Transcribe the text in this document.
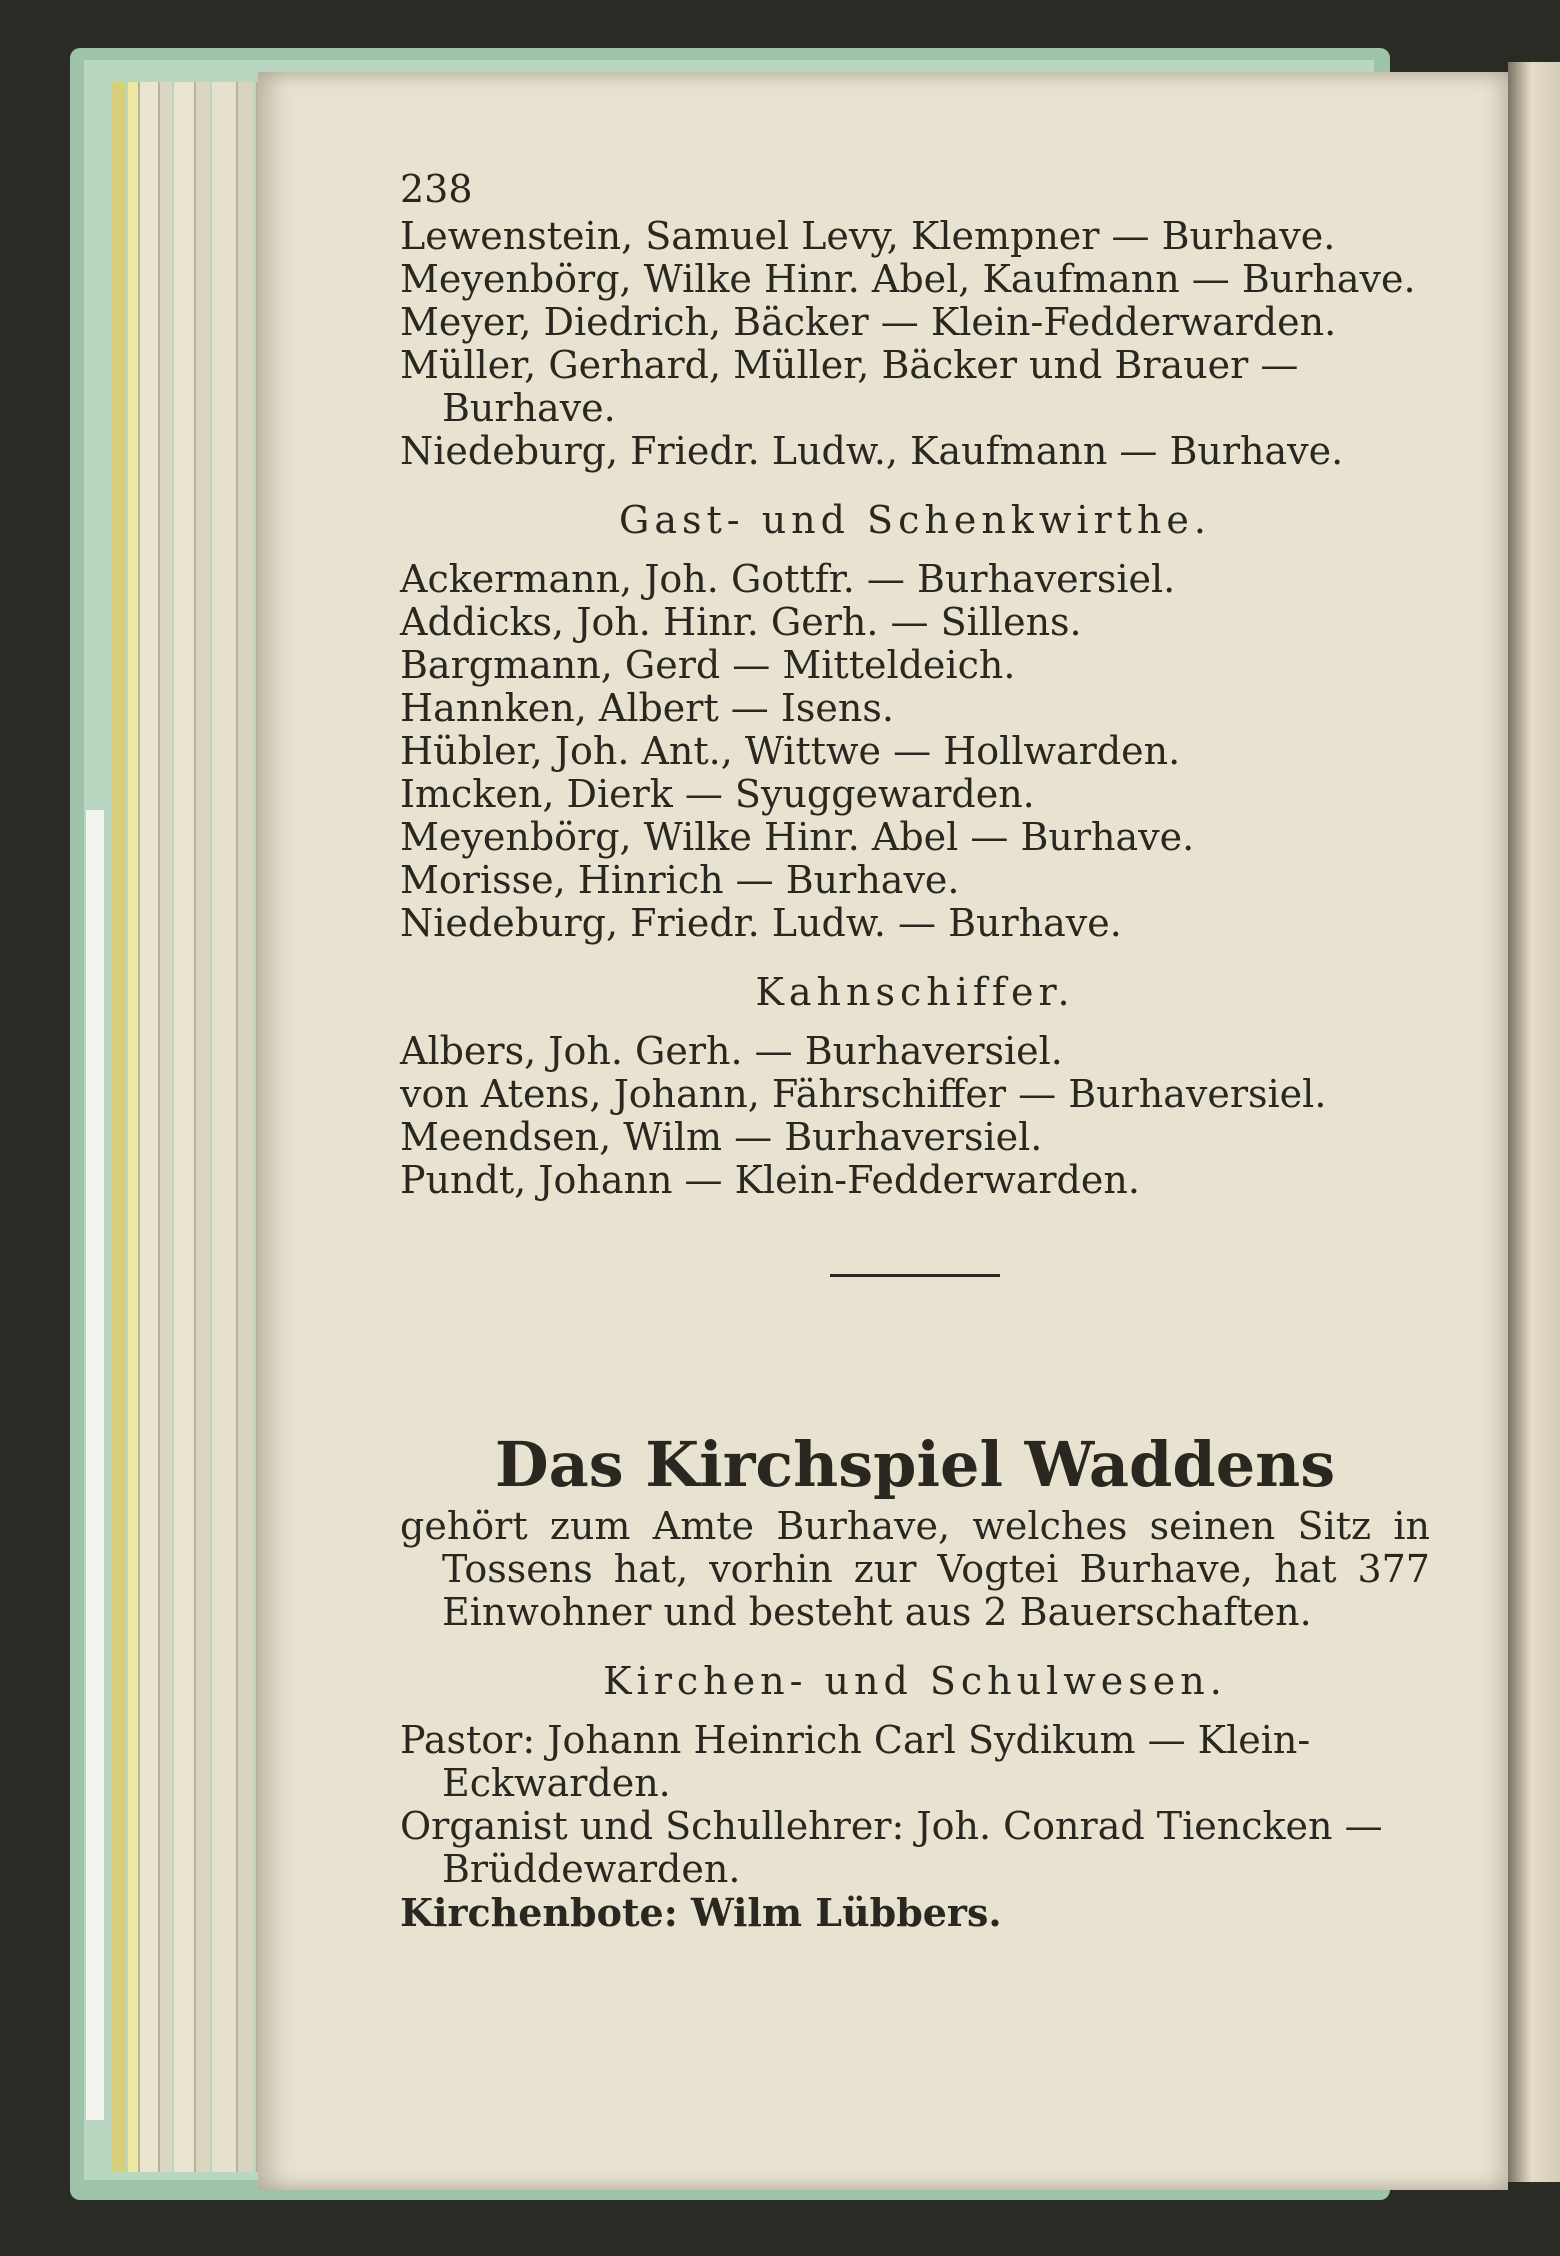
238
Lewenstein, Samuel Levy, Klempner — Burhave.
Meyenbörg, Wilke Hinr. Abel, Kaufmann — Burhave.
Meyer, Diedrich, Bäcker — Klein-Fedderwarden.
Müller, Gerhard, Müller, Bäcker und Brauer — Burhave.
Niedeburg, Friedr. Ludw., Kaufmann — Burhave.
Gast- und Schenkwirthe.
Ackermann, Joh. Gottfr. — Burhaversiel.
Addicks, Joh. Hinr. Gerh. — Sillens.
Bargmann, Gerd — Mitteldeich.
Hannken, Albert — Isens.
Hübler, Joh. Ant., Wittwe — Hollwarden.
Imcken, Dierk — Syuggewarden.
Meyenbörg, Wilke Hinr. Abel — Burhave.
Morisse, Hinrich — Burhave.
Niedeburg, Friedr. Ludw. — Burhave.
Kahnschiffer.
Albers, Joh. Gerh. — Burhaversiel.
von Atens, Johann, Fährschiffer — Burhaversiel.
Meendsen, Wilm — Burhaversiel.
Pundt, Johann — Klein-Fedderwarden.
Das Kirchspiel Waddens
gehört zum Amte Burhave, welches seinen Sitz in Tossens hat, vorhin zur Vogtei Burhave, hat 377 Einwohner und besteht aus 2 Bauerschaften.
Kirchen- und Schulwesen.
Pastor: Johann Heinrich Carl Sydikum — Klein-Eckwarden.
Organist und Schullehrer: Joh. Conrad Tiencken — Brüddewarden.
Kirchenbote: Wilm Lübbers.
